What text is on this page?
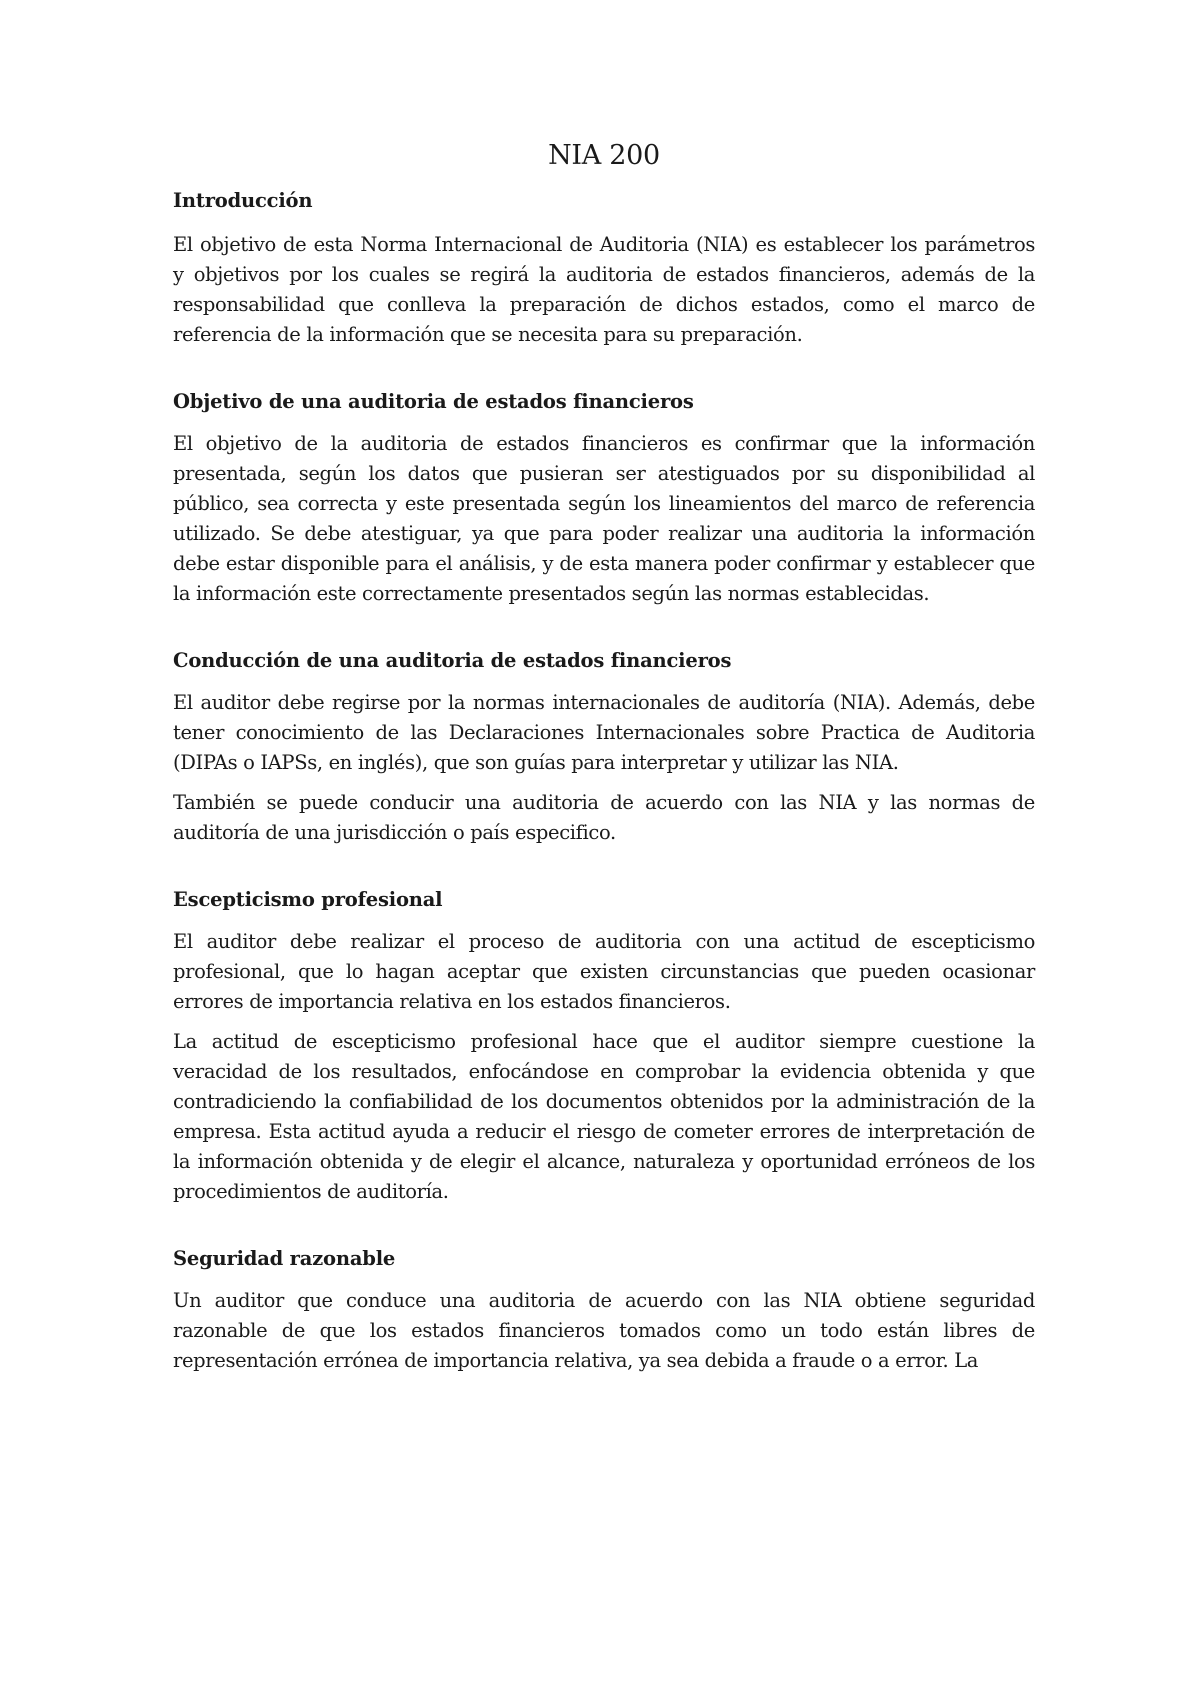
NIA 200
Introducción

El objetivo de esta Norma Internacional de Auditoria (NIA) es establecer los parámetros y objetivos por los cuales se regirá la auditoria de estados financieros, además de la responsabilidad que conlleva la preparación de dichos estados, como el marco de referencia de la información que se necesita para su preparación.

Objetivo de una auditoria de estados financieros

El objetivo de la auditoria de estados financieros es confirmar que la información presentada, según los datos que pusieran ser atestiguados por su disponibilidad al público, sea correcta y este presentada según los lineamientos del marco de referencia utilizado. Se debe atestiguar, ya que para poder realizar una auditoria la información debe estar disponible para el análisis, y de esta manera poder confirmar y establecer que la información este correctamente presentados según las normas establecidas.

Conducción de una auditoria de estados financieros

El auditor debe regirse por la normas internacionales de auditoría (NIA). Además, debe tener conocimiento de las Declaraciones Internacionales sobre Practica de Auditoria (DIPAs o IAPSs, en inglés), que son guías para interpretar y utilizar las NIA.

También se puede conducir una auditoria de acuerdo con las NIA y las normas de auditoría de una jurisdicción o país especifico.

Escepticismo profesional

El auditor debe realizar el proceso de auditoria con una actitud de escepticismo profesional, que lo hagan aceptar que existen circunstancias que pueden ocasionar errores de importancia relativa en los estados financieros.

La actitud de escepticismo profesional hace que el auditor siempre cuestione la veracidad de los resultados, enfocándose en comprobar la evidencia obtenida y que contradiciendo la confiabilidad de los documentos obtenidos por la administración de la empresa. Esta actitud ayuda a reducir el riesgo de cometer errores de interpretación de la información obtenida y de elegir el alcance, naturaleza y oportunidad erróneos de los procedimientos de auditoría.

Seguridad razonable

Un auditor que conduce una auditoria de acuerdo con las NIA obtiene seguridad razonable de que los estados financieros tomados como un todo están libres de representación errónea de importancia relativa, ya sea debida a fraude o a error. La
